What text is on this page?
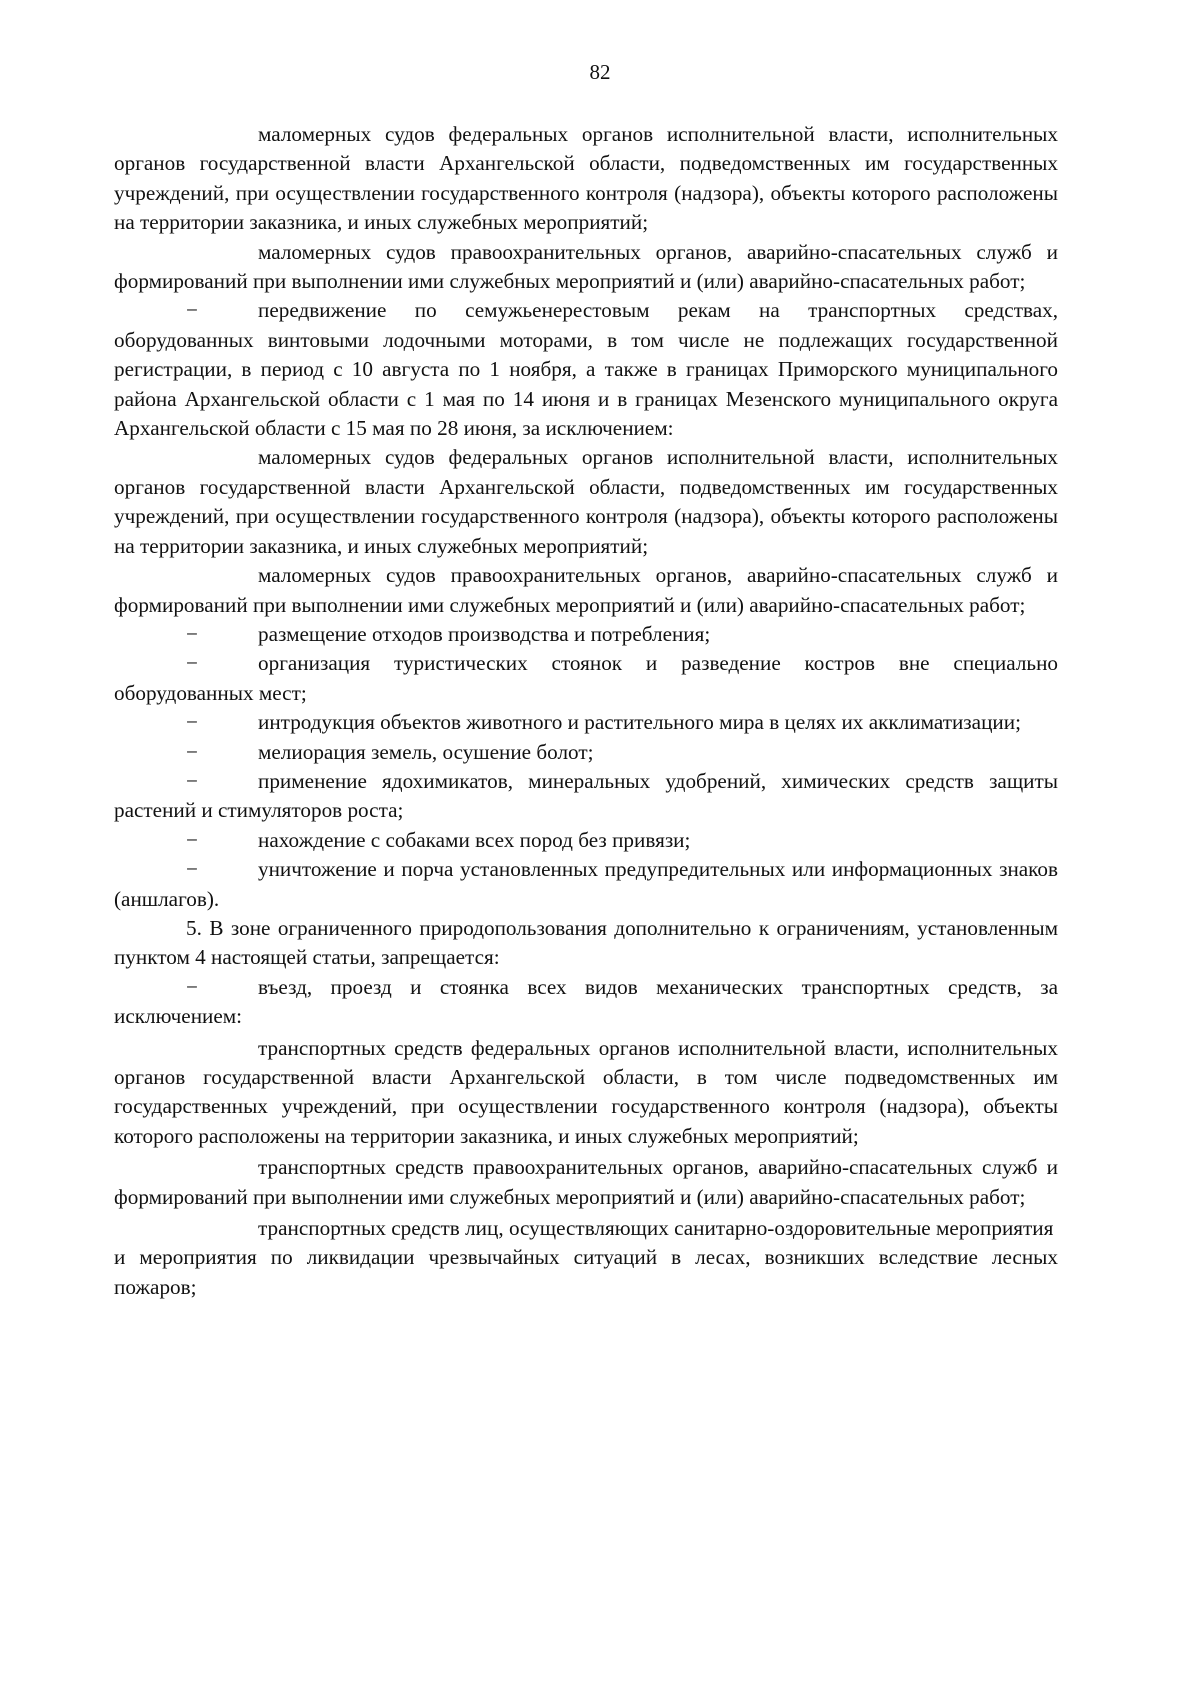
82

маломерных судов федеральных органов исполнительной власти, исполнительных органов государственной власти Архангельской области, подведомственных им государственных учреждений, при осуществлении государственного контроля (надзора), объекты которого расположены на территории заказника, и иных служебных мероприятий;

маломерных судов правоохранительных органов, аварийно-спасательных служб и формирований при выполнении ими служебных мероприятий и (или) аварийно-спасательных работ;

−	передвижение по семужьенерестовым рекам на транспортных средствах, оборудованных винтовыми лодочными моторами, в том числе не подлежащих государственной регистрации, в период с 10 августа по 1 ноября, а также в границах Приморского муниципального района Архангельской области с 1 мая по 14 июня и в границах Мезенского муниципального округа Архангельской области с 15 мая по 28 июня, за исключением:

маломерных судов федеральных органов исполнительной власти, исполнительных органов государственной власти Архангельской области, подведомственных им государственных учреждений, при осуществлении государственного контроля (надзора), объекты которого расположены на территории заказника, и иных служебных мероприятий;

маломерных судов правоохранительных органов, аварийно-спасательных служб и формирований при выполнении ими служебных мероприятий и (или) аварийно-спасательных работ;

−	размещение отходов производства и потребления;

−	организация туристических стоянок и разведение костров вне специально оборудованных мест;

−	интродукция объектов животного и растительного мира в целях их акклиматизации;

−	мелиорация земель, осушение болот;

−	применение ядохимикатов, минеральных удобрений, химических средств защиты растений и стимуляторов роста;

−	нахождение с собаками всех пород без привязи;

−	уничтожение и порча установленных предупредительных или информационных знаков (аншлагов).

5. В зоне ограниченного природопользования дополнительно к ограничениям, установленным пунктом 4 настоящей статьи, запрещается:

−	въезд, проезд и стоянка всех видов механических транспортных средств, за исключением:

транспортных средств федеральных органов исполнительной власти, исполнительных органов государственной власти Архангельской области, в том числе подведомственных им государственных учреждений, при осуществлении государственного контроля (надзора), объекты которого расположены на территории заказника, и иных служебных мероприятий;

транспортных средств правоохранительных органов, аварийно-спасательных служб и формирований при выполнении ими служебных мероприятий и (или) аварийно-спасательных работ;

транспортных средств лиц, осуществляющих санитарно-оздоровительные мероприятия

и мероприятия по ликвидации чрезвычайных ситуаций в лесах, возникших вследствие лесных пожаров;
